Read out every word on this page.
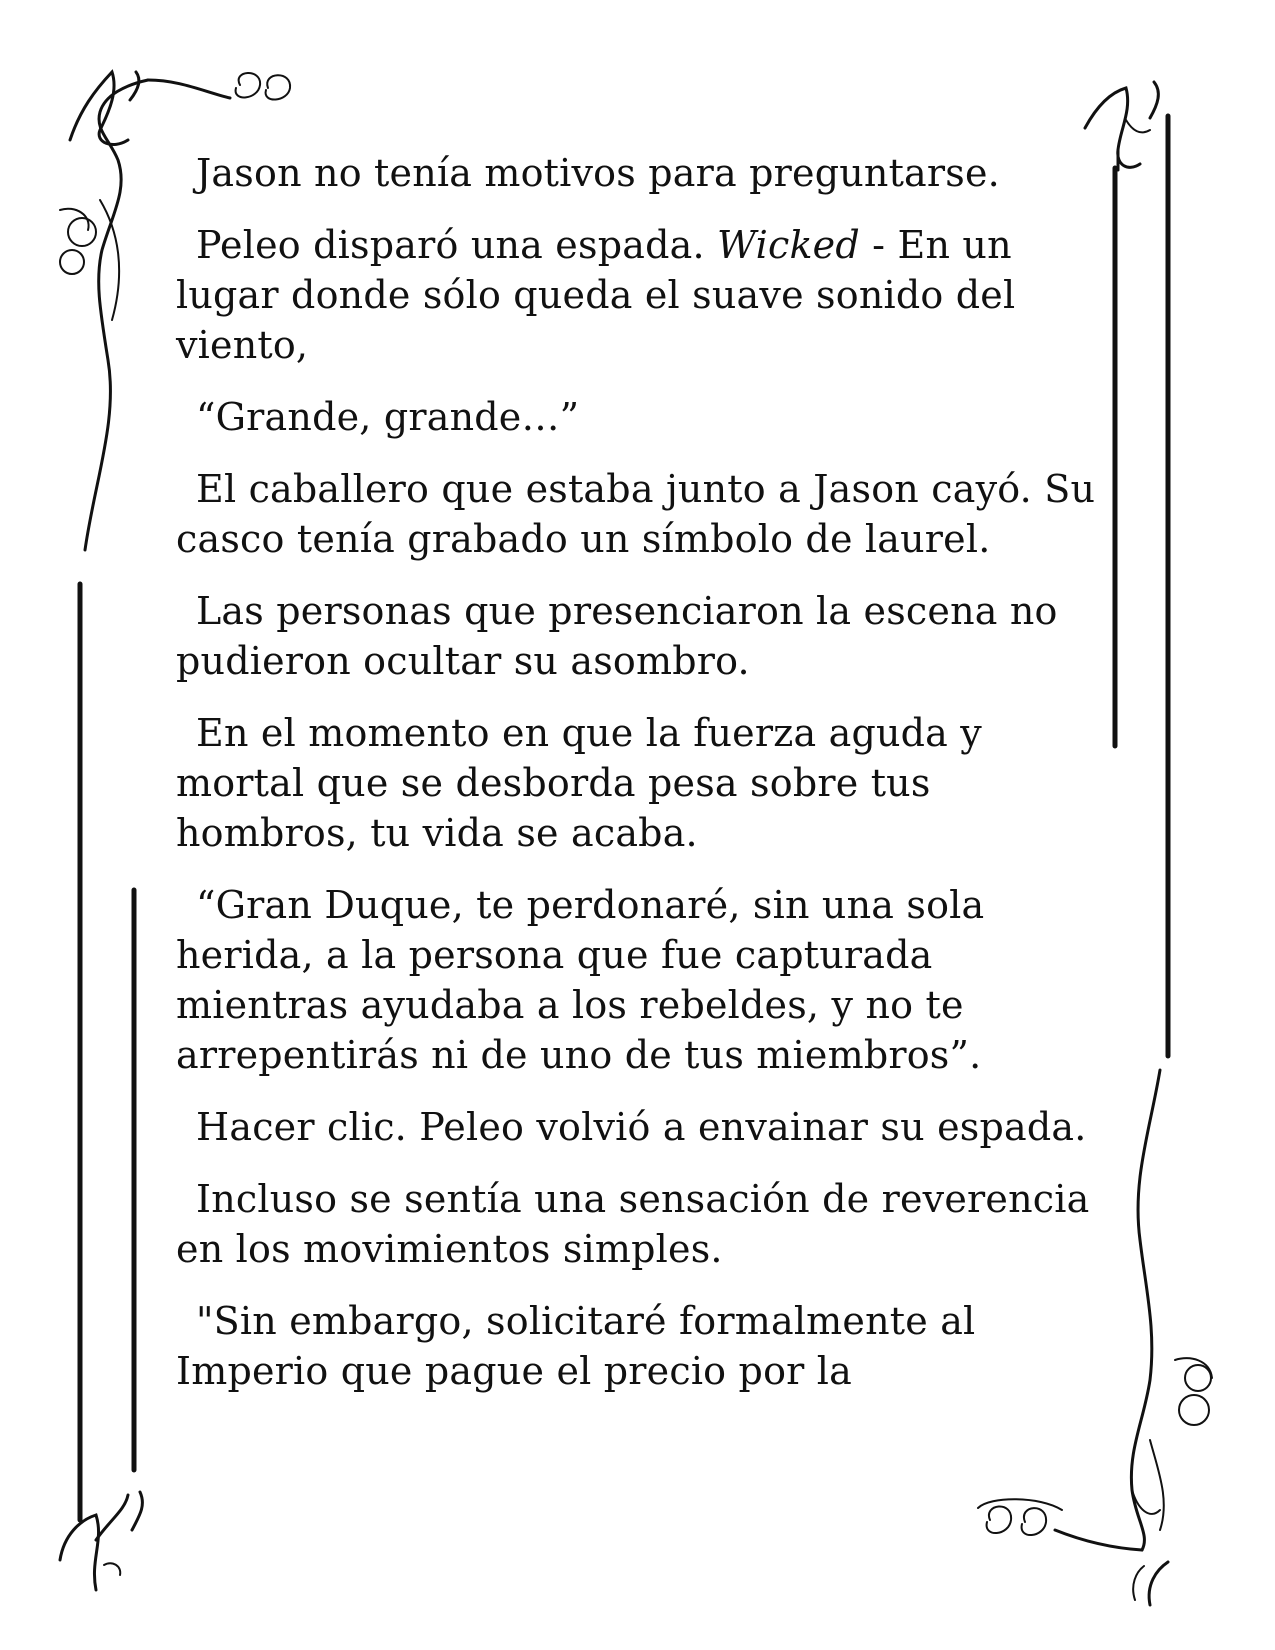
Jason no tenía motivos para preguntarse.

Peleo disparó una espada. Wicked - En un lugar donde sólo queda el suave sonido del viento,

“Grande, grande…”

El caballero que estaba junto a Jason cayó. Su casco tenía grabado un símbolo de laurel.

Las personas que presenciaron la escena no pudieron ocultar su asombro.

En el momento en que la fuerza aguda y mortal que se desborda pesa sobre tus hombros, tu vida se acaba.

“Gran Duque, te perdonaré, sin una sola herida, a la persona que fue capturada mientras ayudaba a los rebeldes, y no te arrepentirás ni de uno de tus miembros”.

Hacer clic. Peleo volvió a envainar su espada.

Incluso se sentía una sensación de reverencia en los movimientos simples.

"Sin embargo, solicitaré formalmente al Imperio que pague el precio por la
